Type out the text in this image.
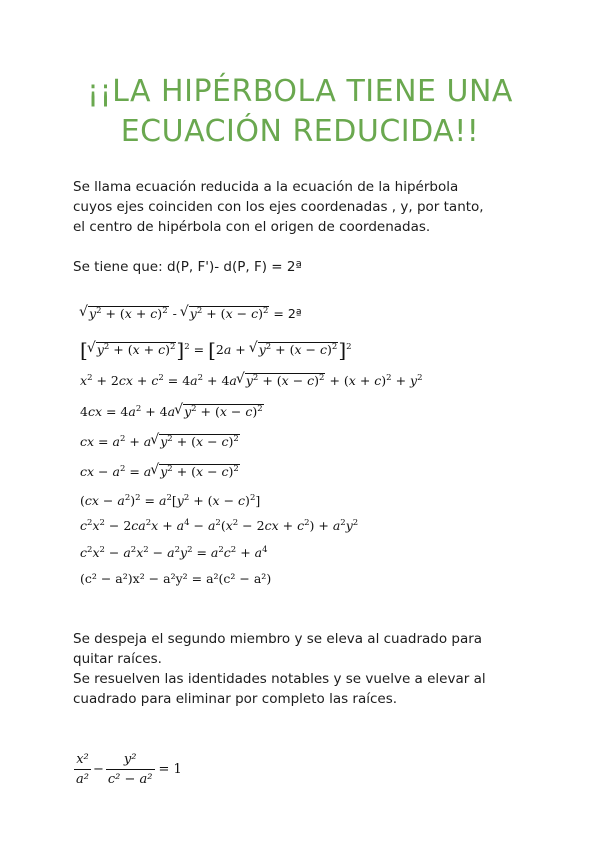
¡¡LA HIPÉRBOLA TIENE UNA
ECUACIÓN REDUCIDA!!
Se llama ecuación reducida a la ecuación de la hipérbola
cuyos ejes coinciden con los ejes coordenadas , y, por tanto,
el centro de hipérbola con el origen de coordenadas.
Se tiene que: d(P, F')- d(P, F) = 2ª
√ $y^2 + (x + c)^2$ - √ $y^2 + (x - c)^2$ = 2ª
[√ $y^2 + (x + c)^2]^2 = [2a$ + √ $y^2 + (x - c)^2]^2$
$x^2 + 2cx + c^2 = 4a^2 + 4a√$ $y^2 + (x - c)^2 + (x + c)^2 + y^2$
$4cx = 4a^2 + 4a√$ $y^2 + (x - c)^2$
cx = $a^2 + a√$ $y^2 + (x - c)^2$
cx − $a^2 = a√$ $y^2 + (x - c)^2$
$(cx - a^2)^2 = a^2[y^2 + (x - c)^2]$
$c^2x^2 - 2ca^2x + a^4 - a^2(x^2 - 2cx + c^2) + a^2y^2$
$c^2x^2 - a^2x^2 - a^2y^2 = a^2c^2 + a^4$
(c² − a²)x² − a²y² = a²(c² − a²)
Se despeja el segundo miembro y se eleva al cuadrado para
quitar raíces.
Se resuelven las identidades notables y se vuelve a elevar al
cuadrado para eliminar por completo las raíces.
$\frac{\text{x²}}{\text{a²}} - \frac{\text{y²}}{\text{c² − a²}} = 1$
